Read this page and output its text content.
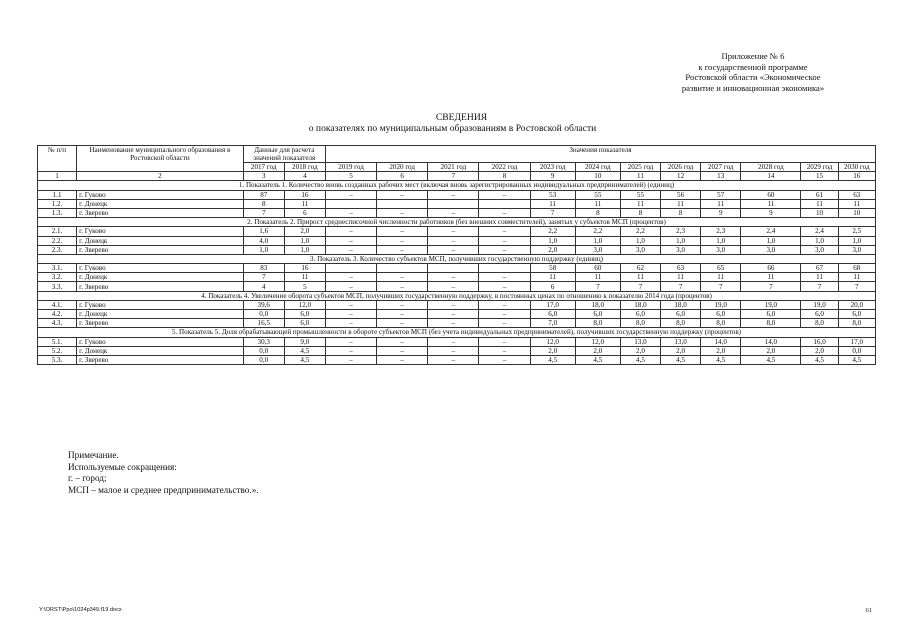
Приложение № 6
к государственной программе
Ростовской области «Экономическое
развитие и инновационная экономика»
СВЕДЕНИЯ
о показателях по муниципальным образованиям в Ростовской области
№ п/п	Наименование муниципального образования в Ростовской области	Данные для расчета значений показателя		Значения показателя											
		2017 год	2018 год	2019 год	2020 год	2021 год	2022 год	2023 год	2024 год	2025 год	2026 год	2027 год	2028 год	2029 год	2030 год
1	2	3	4	5	6	7	8	9	10	11	12	13	14	15	16
1. Показатель 1. Количество вновь созданных рабочих мест (включая вновь зарегистрированных индивидуальных предпринимателей) (единиц)															
1.1	г. Гуково	87	16	–	–	–	–	53	55	55	56	57	60	61	63
1.2.	г. Донецк	8	11					11	11	11	11	11	11	11	11
1.3.	г. Зверево	7	6	–	–	–	–	7	8	8	8	9	9	10	10
2. Показатель 2. Прирост среднесписочной численности работников (без внешних совместителей), занятых у субъектов МСП (процентов)															
2.1.	г. Гуково	1,6	2,0	–	–	–	–	2,2	2,2	2,2	2,3	2,3	2,4	2,4	2,5
2.2.	г. Донецк	4,0	1,0	–	–	–	–	1,0	1,0	1,0	1,0	1,0	1,0	1,0	1,0
2.3.	г. Зверево	1,0	1,0	–	–	–	–	2,0	3,0	3,0	3,0	3,0	3,0	3,0	3,0
3. Показатель 3. Количество субъектов МСП, получивших государственную поддержку (единиц)															
3.1.	г. Гуково	83	16					58	60	62	63	65	66	67	68
3.2.	г. Донецк	7	11	–	–	–	–	11	11	11	11	11	11	11	11
3.3.	г. Зверево	4	5	–	–	–	–	6	7	7	7	7	7	7	7
4. Показатель 4. Увеличение оборота субъектов МСП, получивших государственную поддержку, в постоянных ценах по отношению к показателю 2014 года (процентов)															
4.1.	г. Гуково	39,6	12,0	–	–	–	–	17,0	18,0	18,0	18,0	19,0	19,0	19,0	20,0
4.2.	г. Донецк	0,0	6,0	–	–	–	–	6,0	6,0	6,0	6,0	6,0	6,0	6,0	6,0
4.3.	г. Зверево	16,5	6,0	–	–	–	–	7,0	8,0	8,0	8,0	8,0	8,0	8,0	8,0
5. Показатель 5. Доля обрабатывающей промышленности в обороте субъектов МСП (без учета индивидуальных предпринимателей), получивших государственную поддержку (процентов)															
5.1.	г. Гуково	30,3	9,0	–	–	–	–	12,0	12,0	13,0	13,0	14,0	14,0	16,0	17,0
5.2.	г. Донецк	0,0	4,5	–	–	–	–	2,0	2,0	2,0	2,0	2,0	2,0	2,0	0,0
5.3.	г. Зверево	0,0	4,5	–	–	–	–	4,5	4,5	4,5	4,5	4,5	4,5	4,5	4,5
Примечание.
Используемые сокращения:
г. – город;
МСП – малое и среднее предпринимательство.».
Y:\ORST\Ppo\1024p349.f19.docx	61
